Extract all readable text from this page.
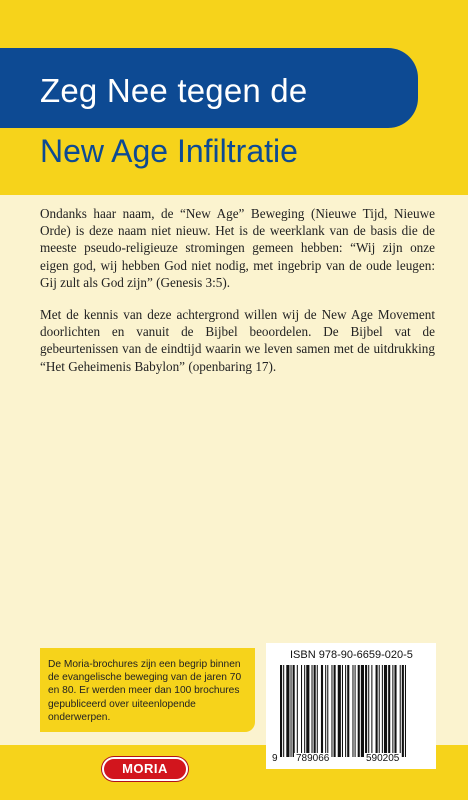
Zeg Nee tegen de
New Age Infiltratie

Ondanks haar naam, de “New Age” Beweging (Nieuwe Tijd, Nieuwe Orde) is deze naam niet nieuw. Het is de weerklank van de basis die de meeste pseudo-religieuze stromingen gemeen hebben: “Wij zijn onze eigen god, wij hebben God niet nodig, met ingebrip van de oude leugen: Gij zult als God zijn” (Genesis 3:5).

Met de kennis van deze achtergrond willen wij de New Age Movement doorlichten en vanuit de Bijbel beoordelen. De Bijbel vat de gebeurtenissen van de eindtijd waarin we leven samen met de uitdrukking “Het Geheimenis Babylon” (openbaring 17).

De Moria-brochures zijn een begrip binnen de evangelische beweging van de jaren 70 en 80. Er werden meer dan 100 brochures gepubliceerd over uiteenlopende onderwerpen.
ISBN 978-90-6659-020-5
9 789066	590205
MORIA
